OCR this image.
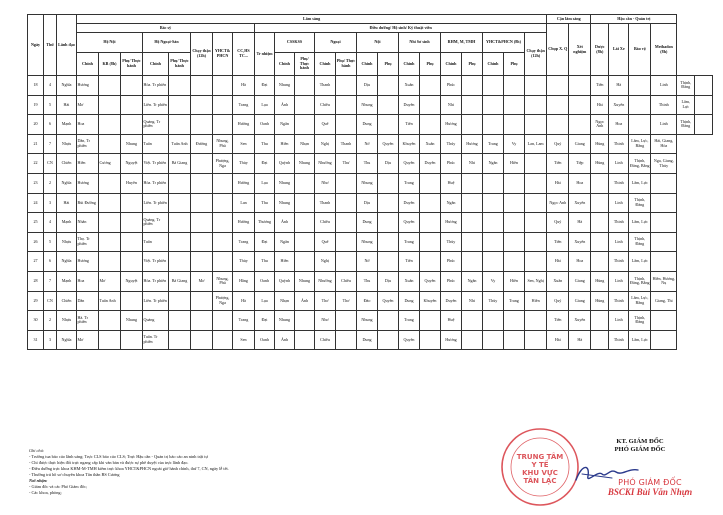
Ngày	Thứ	Lãnh đạo	Lâm sàng																						Cận lâm sàng		Hậu cần - Quản trị					
			Bác sỹ								Điều dưỡng/ Hộ sinh/ Kỹ thuật viên														Chụp X. Q	Xét nghiệm	Dược (8h)	Lái Xe	Bảo vệ	Methadon (8h)		
			Hệ Nội			Hệ Ngoại-Sản		Chạy thận (12h)	YHCT& PHCN	CC,HS TC...	Tr nhiệm	CSSKSS		Ngoại		Nội		Nhi Sơ sinh		RHM, M, TMH		YHCT&PHCN (8h)		Chạy thận (12h)								
			Chính	KB (8h)	Phụ/ Thực hành	Chính	Phụ/ Thực hành					Chính	Phụ/ Thực hành	Chính	Phụ/ Thực hành	Chính	Phụ	Chính	Phụ	Chính	Phụ	Chính	Phụ									
18	4	Nghĩa	Hương			Hòa. Tr phiên				Hà	Đạt	Nhung		Thanh		Dịu		Xuân		Phúc							Tiến	Hà		Linh	Thịnh, Đăng	
19	5	Hải	Mơ			Liên. Tr phiên				Trang	Lụa	Ánh		Chiều		Nhung		Duyên		Nhi							Hải	Xuyến		Thinh	Lâm, Lực	
20	6	Mạnh	Hoa			Quảng. Tr phiên				Hường	Oanh	Ngân		Quế		Dung		Tiến		Hương							Ngọc Anh	Hoa		Linh	Thịnh, Đăng	
21	7	Nhựu	Dần, Tr phiên		Nhung	Tuấn	Tuấn Anh	Đường	Nhung, Phú	Sen	Thu	Hiền	Nhạn	Nghị	Thanh	Nở	Quyên	Khuyên	Xuân	Thúy	Hương	Trang	Vy	Lan, Lam	Quý	Giang	Hùng	Thinh	Lâm, Lực, Bằng	Hải, Giang, Hòa		
22	CN	Chiến	Hiền	Cương	Nguyệt	Việt. Tr phiên	Bá Giang		Phượng, Nga	Thủy	Đạt	Quỳnh	Nhung	Nhường	Thư	Thu	Dịu	Quyên	Duyên	Phúc	Nhi	Ngân	Hiền		Tiến	Tiệp	Hùng	Linh	Thịnh, Đăng, Bằng	Nga, Giang, Thủy		
23	2	Nghĩa	Hương		Huyền	Hòa. Tr phiên				Hường	Lụa	Nhung		Nhơ		Nhung		Trang		Huệ					Hải	Hoa		Thinh	Lâm, Lực			
24	3	Hải	Bùi Đường			Liên. Tr phiên				Lan	Thu	Nhung		Thanh		Dịu		Duyên		Ngân					Ngọc Anh	Xuyến		Linh	Thịnh, Đăng			
25	4	Mạnh	Nhân			Quảng. Tr phiên				Hường	Thương	Ánh		Chiều		Dung		Quyên		Hương					Quý	Hà		Thinh	Lâm, Lực			
26	5	Nhựu	Thọ. Tr phiên			Tuấn				Trang	Đạt	Ngân		Quế		Nhung		Trang		Thùy					Tiến	Xuyến		Linh	Thịnh, Đăng			
27	6	Nghĩa	Hương			Việt. Tr phiên				Thủy	Thu	Hiền		Nghị		Nở		Tiến		Phúc					Hải	Hoa		Thinh	Lâm, Lực			
28	7	Mạnh	Hoa	Mơ	Nguyệt	Hòa. Tr phiên	Bá Giang	Mơ	Nhung, Phú	Hằng	Oanh	Quỳnh	Nhung	Nhường	Chiều	Thu	Dịu	Xuân	Quyên	Phúc	Ngân	Vy	Hiền	Sen, Nghị	Xuân	Giang	Hùng	Linh	Thịnh, Đăng, Bằng	Hiền, Hương, Nụ		
29	CN	Chiến	Dần	Tuấn Anh		Liên. Tr phiên			Phượng, Nga	Hà	Lụa	Nhạn	Ánh	Thơ	Thơ	Đào	Quyên	Dung	Khuyên	Duyên	Nhi	Thùy	Trang	Hiền	Quý	Giang	Hùng	Thinh	Lâm, Lực, Bằng	Giang, Thi		
30	2	Nhựu	Hà. Tr phiên		Nhung	Quảng				Trang	Đạt	Nhung		Nhơ		Nhung		Trang		Huệ					Tiến	Xuyến		Linh	Thịnh, Đăng			
31	3	Nghĩa	Mơ			Tuấn. Tr phiên				Sen	Oanh	Ánh		Chiều		Dung		Quyên		Hương					Hải	Hà		Thinh	Lâm, Lực			
Ghi chú:
- Trưởng tua báo cáo lãnh sáng; Trực CLS báo cáo CLS; Trực Hậu cần - Quản trị báo cáo an ninh trật tự
- Chỉ được thực hiện đổi trực ngang cấp khi văn bản và được sự phê duyệt của trực lãnh đạo.
- Điều dưỡng trực khoa KHM-M-TMH kiêm trực khoa YHCT&PHCN ngoài giờ hành chính, thứ 7, CN, ngày lễ tết.
- Thường trú hồ sơ chuyên khoa Tân thần BS Cương
Nơi nhận:
- Giám đốc và các Phó Giám đốc;
- Các khoa, phòng;
TRUNG TÂM
Y TẾ
KHU VỰC
TÂN LẠC
KT. GIÁM ĐỐC
PHÓ GIÁM ĐỐC
PHÓ GIÁM ĐỐC
BSCKI Bùi Văn Nhựn
